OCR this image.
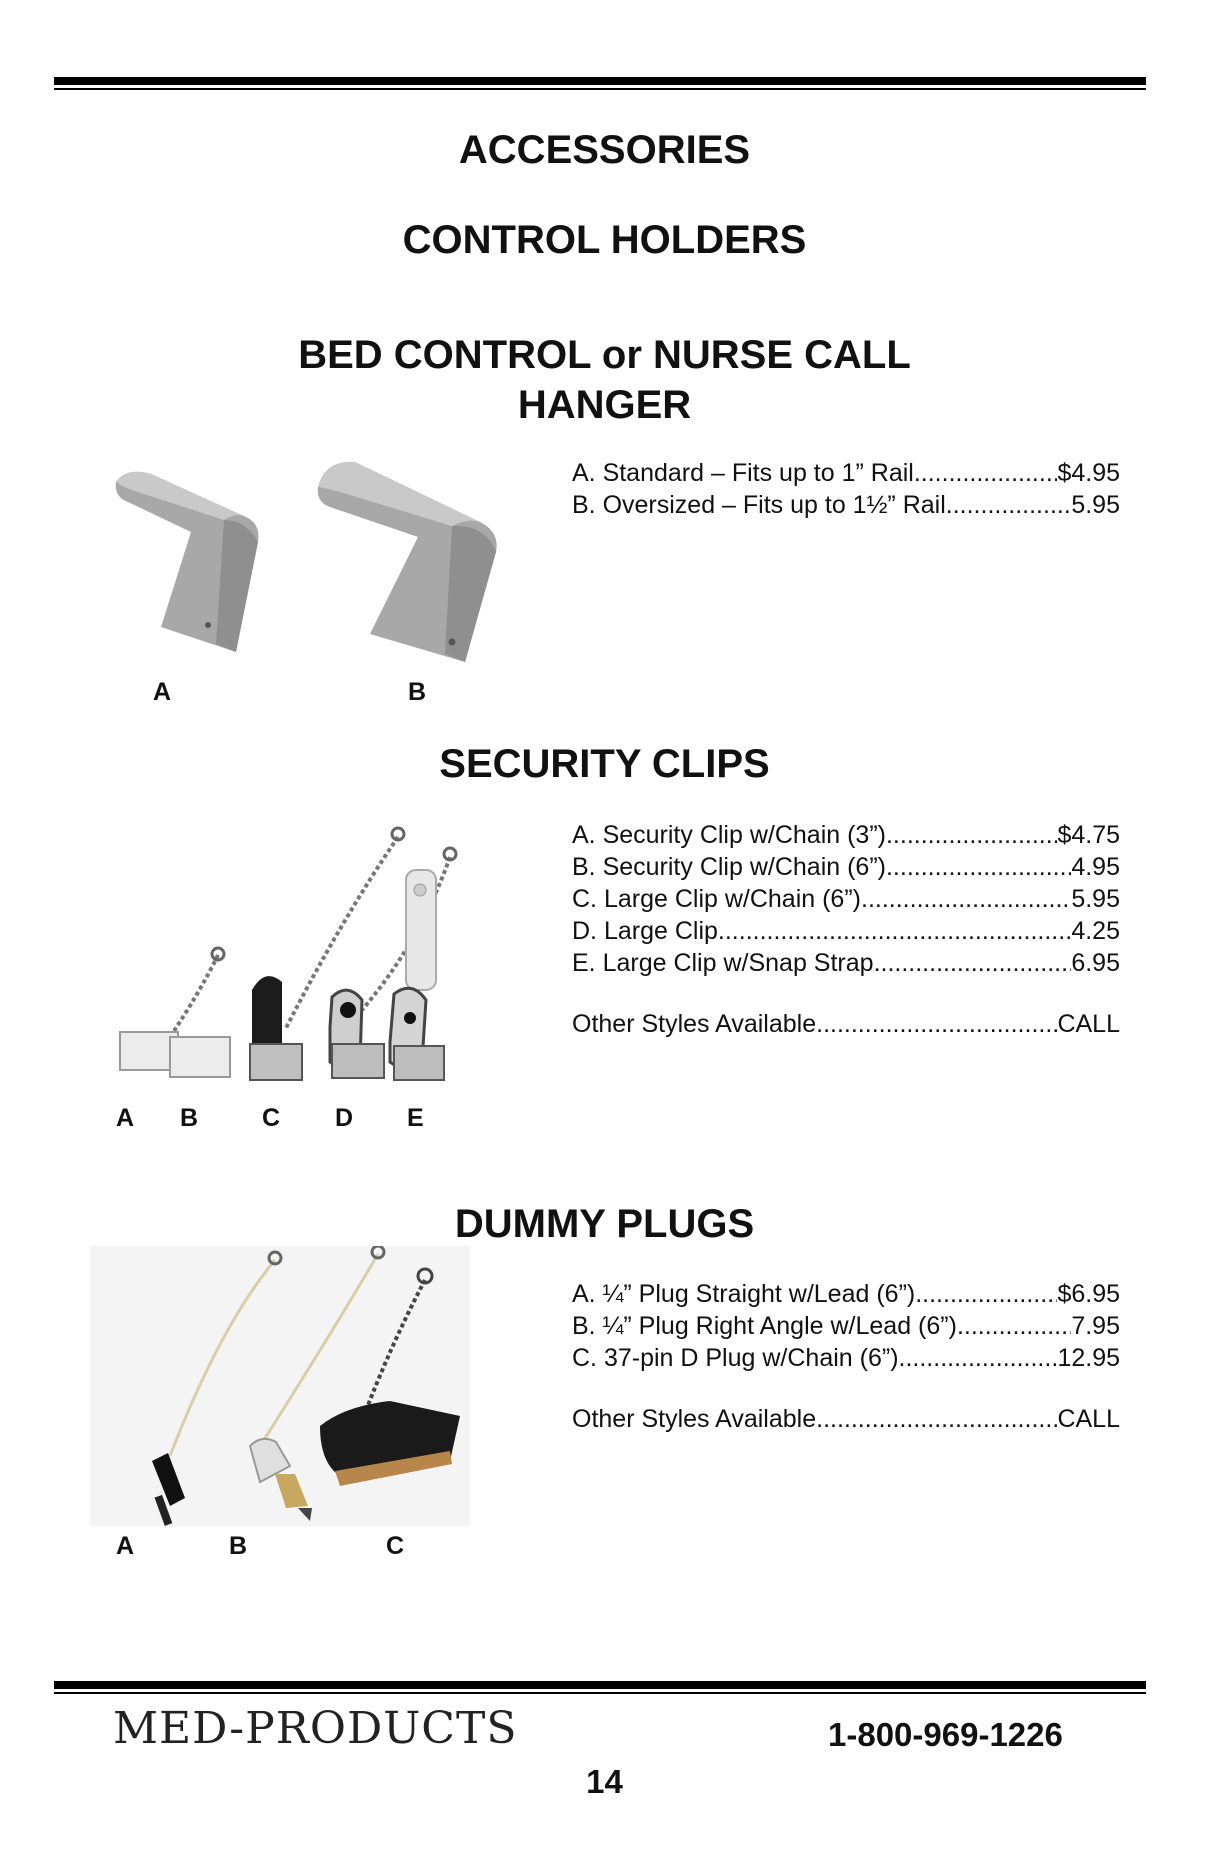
ACCESSORIES
CONTROL HOLDERS
BED CONTROL or NURSE CALL
HANGER
A	B
A. Standard – Fits up to 1” Rail .....	$4.95
B. Oversized – Fits up to 1½” Rail .....	5.95
SECURITY CLIPS
A B	C D E
A. Security Clip w/Chain (3”) .....	$4.75
B. Security Clip w/Chain (6”) .....	4.95
C. Large Clip w/Chain (6”) .....	5.95
D. Large Clip .....	4.25
E. Large Clip w/Snap Strap .....	6.95
Other Styles Available .....	CALL
DUMMY PLUGS
A	B	C
A. ¼” Plug Straight w/Lead (6”) .....	$6.95
B. ¼” Plug Right Angle w/Lead (6”) .....	7.95
C. 37-pin D Plug w/Chain (6”) .....	12.95
Other Styles Available .....	CALL
MED-PRODUCTS	1-800-969-1226
14
